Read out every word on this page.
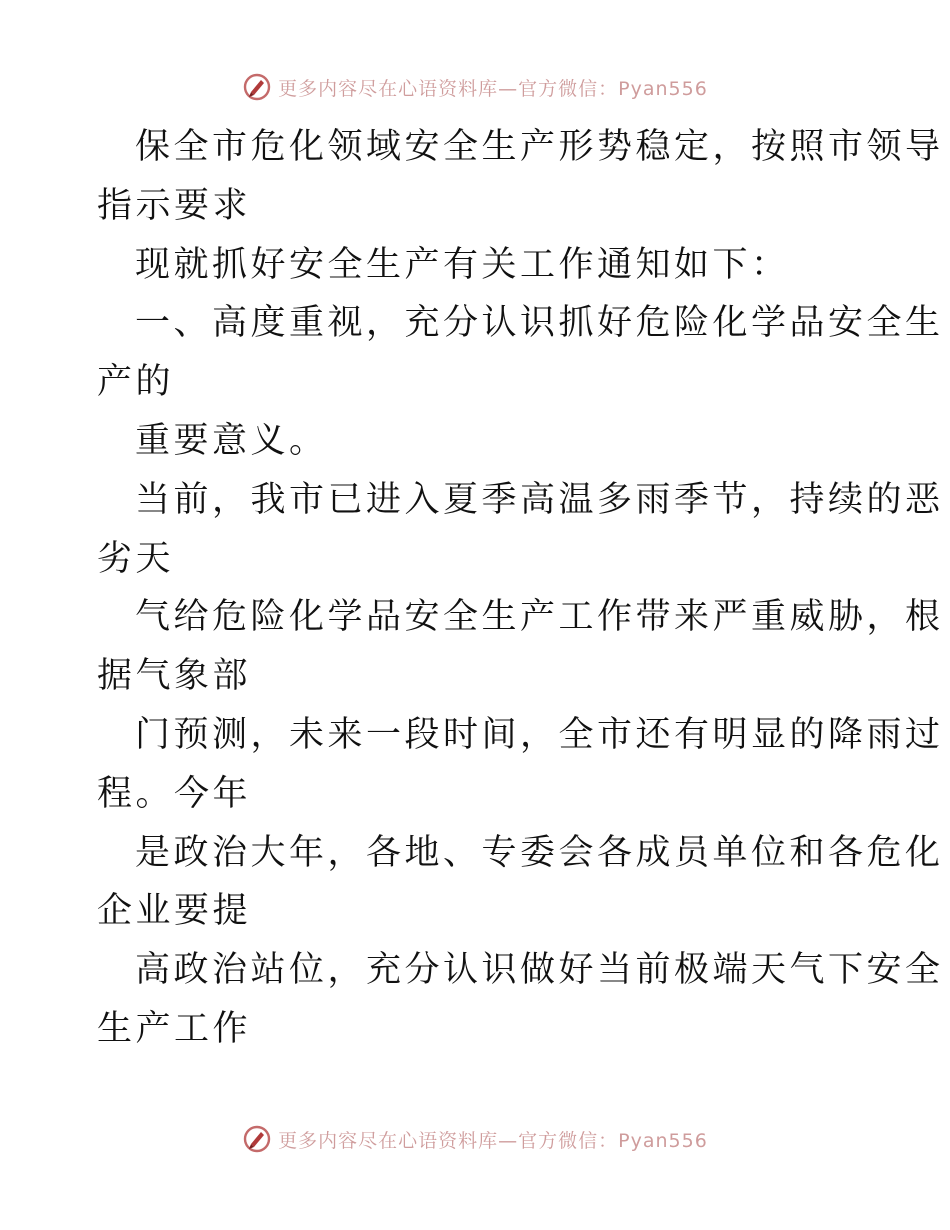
更多内容尽在心语资料库—官方微信：Pyan556
保全市危化领域安全生产形势稳定，按照市领导
指示要求
现就抓好安全生产有关工作通知如下：
一、高度重视，充分认识抓好危险化学品安全生
产的
重要意义。
当前，我市已进入夏季高温多雨季节，持续的恶
劣天
气给危险化学品安全生产工作带来严重威胁，根
据气象部
门预测，未来一段时间，全市还有明显的降雨过
程。今年
是政治大年，各地、专委会各成员单位和各危化
企业要提
高政治站位，充分认识做好当前极端天气下安全
生产工作
更多内容尽在心语资料库—官方微信：Pyan556
